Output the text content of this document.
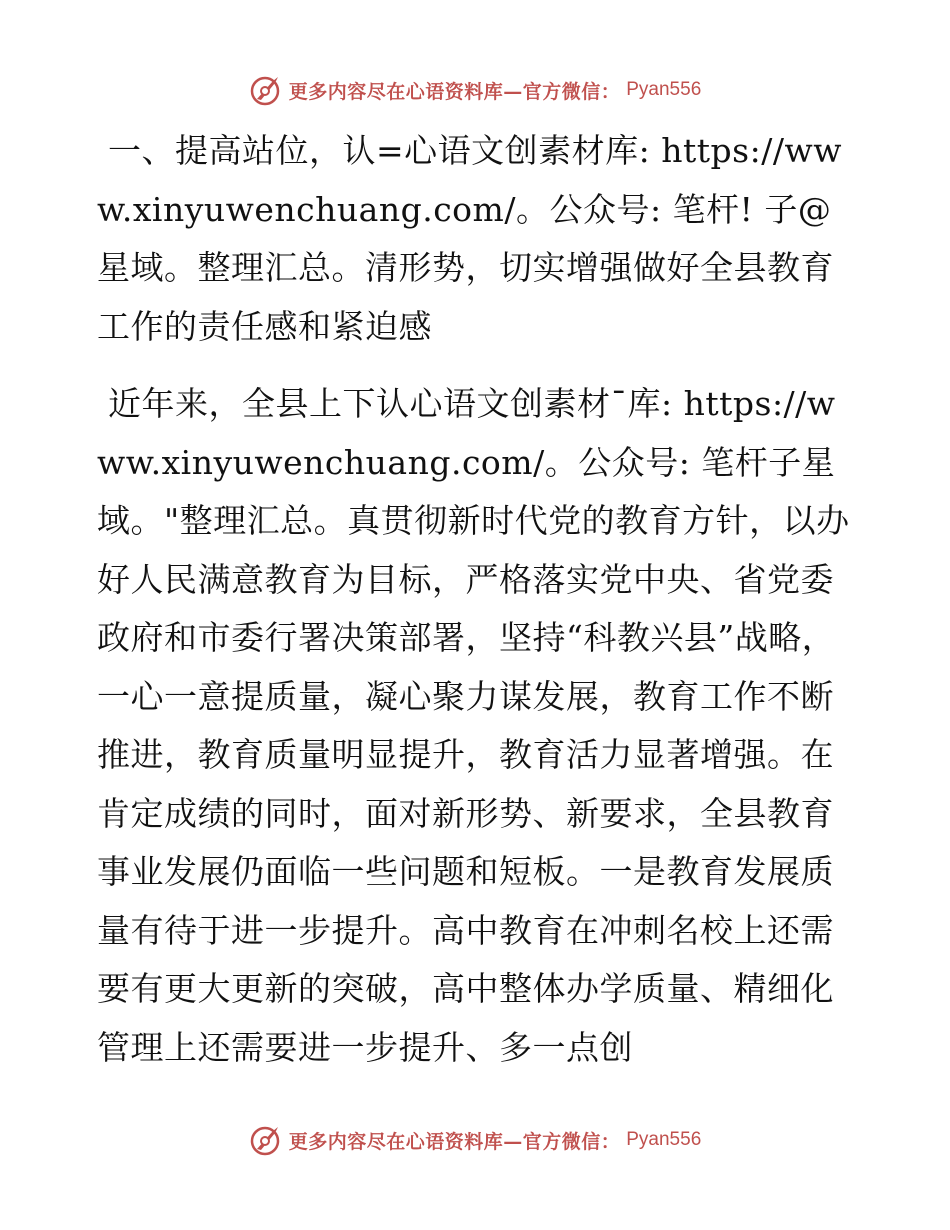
更多内容尽在心语资料库—官方微信： Pyan556

一、提高站位，认=心语文创素材库: https://www.xinyuwenchuang.com/。公众号: 笔杆! 子@星域。整理汇总。清形势，切实增强做好全县教育工作的责任感和紧迫感

近年来，全县上下认心语文创素材¯库: https://www.xinyuwenchuang.com/。公众号: 笔杆子星域。"整理汇总。真贯彻新时代党的教育方针，以办好人民满意教育为目标，严格落实党中央、省党委政府和市委行署决策部署，坚持“科教兴县”战略，一心一意提质量，凝心聚力谋发展，教育工作不断推进，教育质量明显提升，教育活力显著增强。在肯定成绩的同时，面对新形势、新要求，全县教育事业发展仍面临一些问题和短板。一是教育发展质量有待于进一步提升。高中教育在冲刺名校上还需要有更大更新的突破，高中整体办学质量、精细化管理上还需要进一步提升、多一点创

更多内容尽在心语资料库—官方微信： Pyan556
